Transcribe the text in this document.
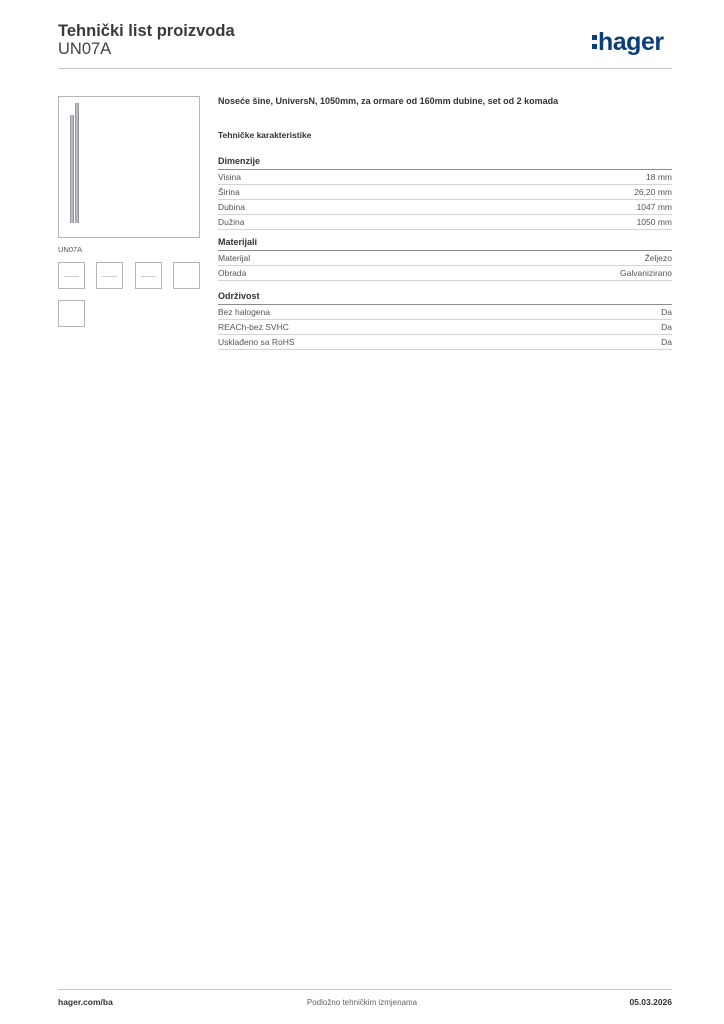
Tehnički list proizvoda
UN07A	hager
UN07A
Noseće šine, UniversN, 1050mm, za ormare od 160mm dubine, set od 2 komada
Tehničke karakteristike
Dimenzije
Visina	18 mm
Širina	26,20 mm
Dubina	1047 mm
Dužina	1050 mm
Materijali
Materijal	Željezo
Obrada	Galvanizirano
Održivost
Bez halogena	Da
REACh-bez SVHC	Da
Usklađeno sa RoHS	Da
hager.com/ba	Podložno tehničkim izmjenama	05.03.2026
